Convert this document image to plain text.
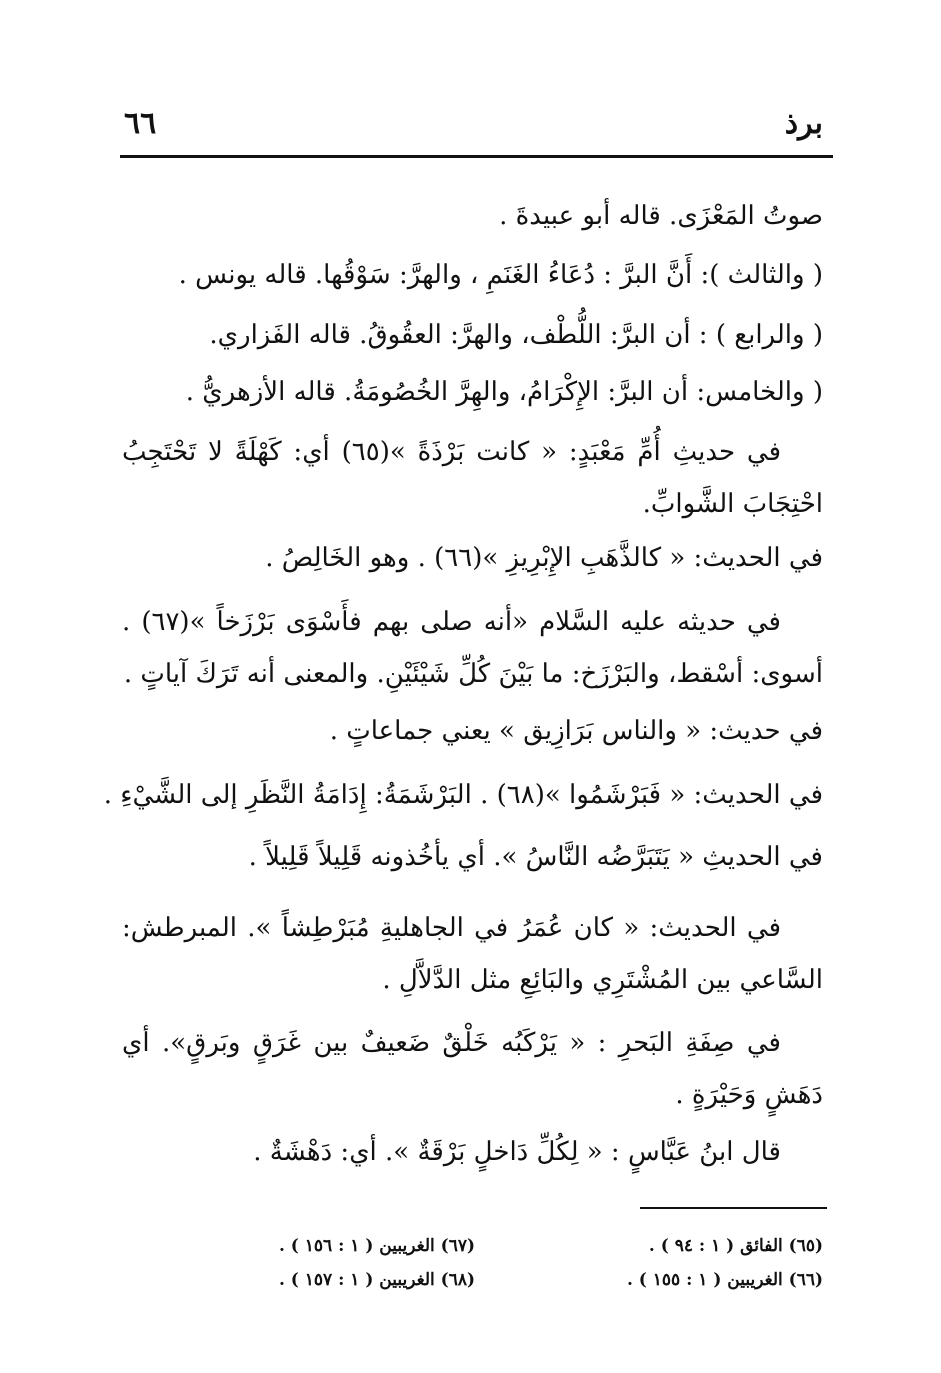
برذ
٦٦
صوتُ المَعْزَى. قاله أبو عبيدةَ .
( والثالث ): أَنَّ البرَّ : دُعَاءُ الغَنَمِ ، والهرَّ: سَوْقُها. قاله يونس .
( والرابع ) : أن البرَّ: اللُّطْف، والهرَّ: العقُوقُ. قاله الفَزاري.
( والخامس: أن البرَّ: الإِكْرَامُ، والهِرَّ الخُصُومَةُ. قاله الأزهريُّ .
في حديثِ أُمِّ مَعْبَدٍ: « كانت بَرْذَةً »(٦٥) أي: كَهْلَةً لا تَحْتَجِبُ احْتِجَابَ الشَّوابِّ.
في الحديث: « كالذَّهَبِ الإِبْرِيزِ »(٦٦) . وهو الخَالِصُ .
في حديثه عليه السَّلام «أنه صلى بهم فأَسْوَى بَرْزَخاً »(٦٧) . أسوى: أسْقط، والبَرْزَخ: ما بَيْنَ كُلِّ شَيْئَيْنِ. والمعنى أنه تَرَكَ آياتٍ .
في حديث: « والناس بَرَازِيق » يعني جماعاتٍ .
في الحديث: « فَبَرْشَمُوا »(٦٨) . البَرْشَمَةُ: إِدَامَةُ النَّظَرِ إلى الشَّيْءِ .
في الحديثِ « يَتَبَرَّضُه النَّاسُ ». أي يأخُذونه قَلِيلاً قَلِيلاً .
في الحديث: « كان عُمَرُ في الجاهليةِ مُبَرْطِشاً ». المبرطش: السَّاعي بين المُشْتَرِي والبَائِعِ مثل الدَّلاَّلِ .
في صِفَةِ البَحرِ : « يَرْكَبُه خَلْقٌ ضَعيفٌ بين غَرَقٍ وبَرقٍ». أي دَهَشٍ وَحَيْرَةٍ .
قال ابنُ عَبَّاسٍ : « لِكُلِّ دَاخلٍ بَرْقَةٌ ». أي: دَهْشَةٌ .
(٦٥) الفائق ( ١ : ٩٤ ) .
(٦٦) الغريبين ( ١ : ١٥٥ ) .
(٦٧) الغريبين ( ١ : ١٥٦ ) .
(٦٨) الغريبين ( ١ : ١٥٧ ) .
